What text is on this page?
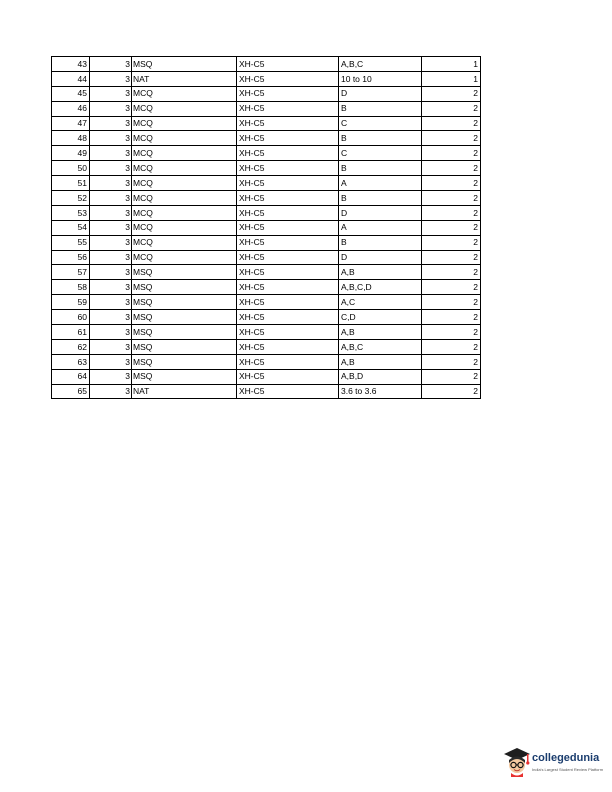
43	3	MSQ	XH-C5	A,B,C	1
44	3	NAT	XH-C5	10 to 10	1
45	3	MCQ	XH-C5	D	2
46	3	MCQ	XH-C5	B	2
47	3	MCQ	XH-C5	C	2
48	3	MCQ	XH-C5	B	2
49	3	MCQ	XH-C5	C	2
50	3	MCQ	XH-C5	B	2
51	3	MCQ	XH-C5	A	2
52	3	MCQ	XH-C5	B	2
53	3	MCQ	XH-C5	D	2
54	3	MCQ	XH-C5	A	2
55	3	MCQ	XH-C5	B	2
56	3	MCQ	XH-C5	D	2
57	3	MSQ	XH-C5	A,B	2
58	3	MSQ	XH-C5	A,B,C,D	2
59	3	MSQ	XH-C5	A,C	2
60	3	MSQ	XH-C5	C,D	2
61	3	MSQ	XH-C5	A,B	2
62	3	MSQ	XH-C5	A,B,C	2
63	3	MSQ	XH-C5	A,B	2
64	3	MSQ	XH-C5	A,B,D	2
65	3	NAT	XH-C5	3.6 to 3.6	2
collegedunia
India's Largest Student Review Platform
